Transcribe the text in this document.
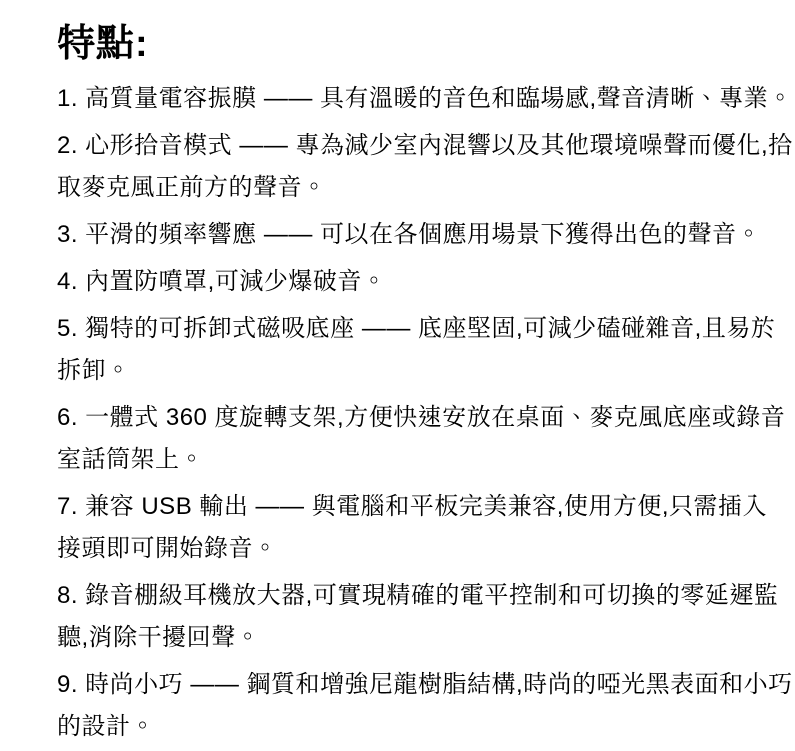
特點:

1. 高質量電容振膜 —— 具有溫暖的音色和臨場感,聲音清晰、專業。

2. 心形拾音模式 —— 專為減少室內混響以及其他環境噪聲而優化,拾
取麥克風正前方的聲音。

3. 平滑的頻率響應 —— 可以在各個應用場景下獲得出色的聲音。

4. 內置防噴罩,可減少爆破音。

5. 獨特的可拆卸式磁吸底座 —— 底座堅固,可減少磕碰雜音,且易於
拆卸。

6. 一體式 360 度旋轉支架,方便快速安放在桌面、麥克風底座或錄音
室話筒架上。

7. 兼容 USB 輸出 —— 與電腦和平板完美兼容,使用方便,只需插入
接頭即可開始錄音。

8. 錄音棚級耳機放大器,可實現精確的電平控制和可切換的零延遲監
聽,消除干擾回聲。

9. 時尚小巧 —— 鋼質和增強尼龍樹脂結構,時尚的啞光黑表面和小巧
的設計。
